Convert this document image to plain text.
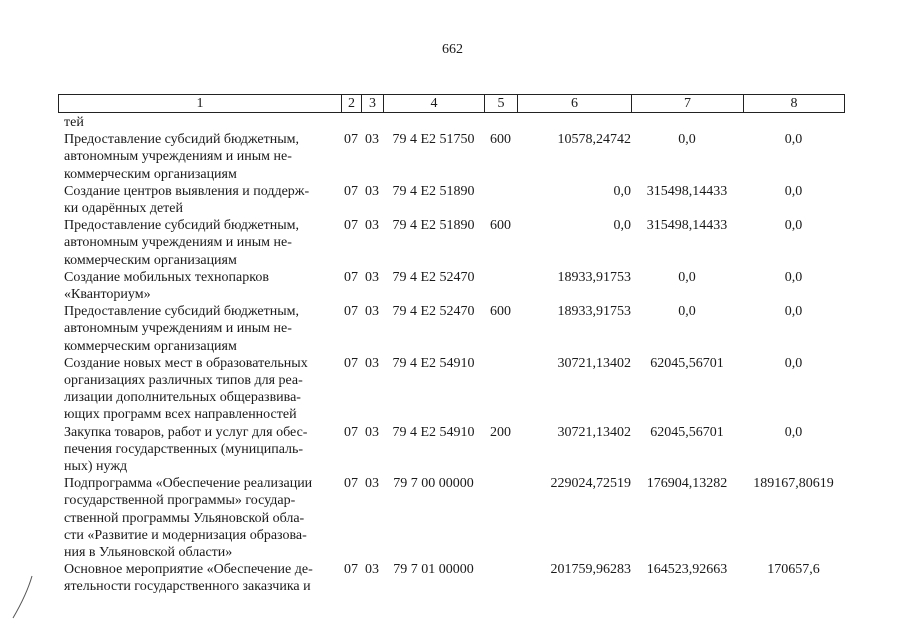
662
1	2	3	4	5	6	7	8
тей							

Предоставление субсидий бюджетным,
автономным учреждениям и иным не-
коммерческим организациям	07	03	79 4 E2 51750	600	10578,24742	0,0	0,0

Создание центров выявления и поддерж-
ки одарённых детей	07	03	79 4 E2 51890		0,0	315498,14433	0,0

Предоставление субсидий бюджетным,
автономным учреждениям и иным не-
коммерческим организациям	07	03	79 4 E2 51890	600	0,0	315498,14433	0,0

Создание мобильных технопарков
«Кванториум»	07	03	79 4 E2 52470		18933,91753	0,0	0,0

Предоставление субсидий бюджетным,
автономным учреждениям и иным не-
коммерческим организациям	07	03	79 4 E2 52470	600	18933,91753	0,0	0,0

Создание новых мест в образовательных
организациях различных типов для реа-
лизации дополнительных общеразвива-
ющих программ всех направленностей	07	03	79 4 E2 54910		30721,13402	62045,56701	0,0

Закупка товаров, работ и услуг для обес-
печения государственных (муниципаль-
ных) нужд	07	03	79 4 E2 54910	200	30721,13402	62045,56701	0,0

Подпрограмма «Обеспечение реализации
государственной программы» государ-
ственной программы Ульяновской обла-
сти «Развитие и модернизация образова-
ния в Ульяновской области»	07	03	79 7 00 00000		229024,72519	176904,13282	189167,80619

Основное мероприятие «Обеспечение де-
ятельности государственного заказчика и	07	03	79 7 01 00000		201759,96283	164523,92663	170657,6
